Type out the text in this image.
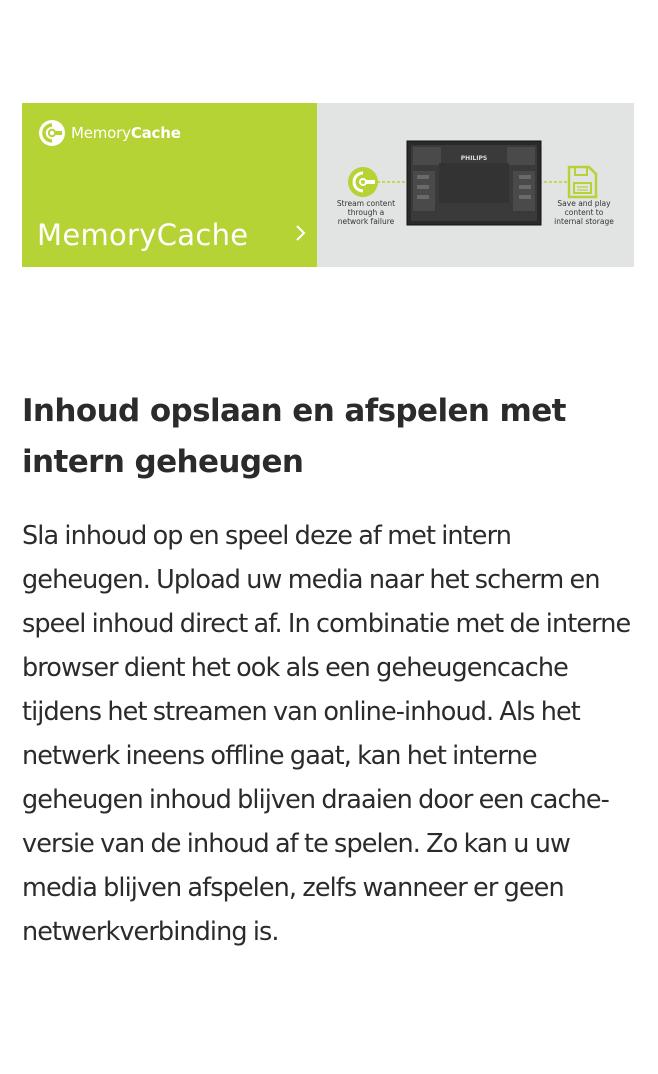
MemoryCache
MemoryCache
PHILIPS
Stream content
through a
network failure
Save and play
content to
internal storage
Inhoud opslaan en afspelen met intern geheugen

Sla inhoud op en speel deze af met intern geheugen. Upload uw media naar het scherm en speel inhoud direct af. In combinatie met de interne browser dient het ook als een geheugencache tijdens het streamen van online-inhoud. Als het netwerk ineens offline gaat, kan het interne geheugen inhoud blijven draaien door een cache-versie van de inhoud af te spelen. Zo kan u uw media blijven afspelen, zelfs wanneer er geen netwerkverbinding is.
